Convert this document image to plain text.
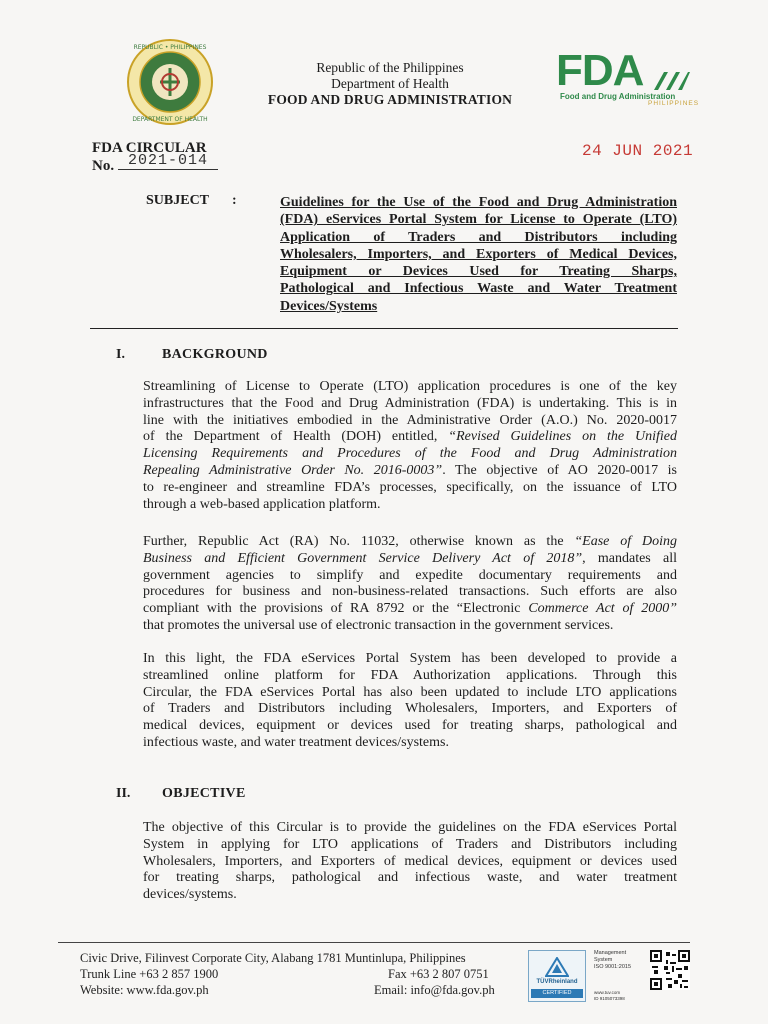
REPUBLIC • PHILIPPINES
DEPARTMENT OF HEALTH
Republic of the Philippines
Department of Health
FOOD AND DRUG ADMINISTRATION
FDA
Food and Drug Administration
PHILIPPINES
FDA CIRCULAR
No. 2021-014
24 JUN 2021
SUBJECT :	Guidelines for the Use of the Food and Drug Administration
(FDA) eServices Portal System for License to Operate (LTO)
Application of Traders and Distributors including
Wholesalers, Importers, and Exporters of Medical Devices,
Equipment or Devices Used for Treating Sharps,
Pathological and Infectious Waste and Water Treatment
Devices/Systems
I.	BACKGROUND
Streamlining of License to Operate (LTO) application procedures is one of the key
infrastructures that the Food and Drug Administration (FDA) is undertaking. This is in
line with the initiatives embodied in the Administrative Order (A.O.) No. 2020-0017
of the Department of Health (DOH) entitled, “Revised Guidelines on the Unified
Licensing Requirements and Procedures of the Food and Drug Administration
Repealing Administrative Order No. 2016-0003”. The objective of AO 2020-0017 is
to re-engineer and streamline FDA’s processes, specifically, on the issuance of LTO
through a web-based application platform.
Further, Republic Act (RA) No. 11032, otherwise known as the “Ease of Doing
Business and Efficient Government Service Delivery Act of 2018”, mandates all
government agencies to simplify and expedite documentary requirements and
procedures for business and non-business-related transactions. Such efforts are also
compliant with the provisions of RA 8792 or the “Electronic Commerce Act of 2000”
that promotes the universal use of electronic transaction in the government services.
In this light, the FDA eServices Portal System has been developed to provide a
streamlined online platform for FDA Authorization applications. Through this
Circular, the FDA eServices Portal has also been updated to include LTO applications
of Traders and Distributors including Wholesalers, Importers, and Exporters of
medical devices, equipment or devices used for treating sharps, pathological and
infectious waste, and water treatment devices/systems.
II. OBJECTIVE
The objective of this Circular is to provide the guidelines on the FDA eServices Portal
System in applying for LTO applications of Traders and Distributors including
Wholesalers, Importers, and Exporters of medical devices, equipment or devices used
for treating sharps, pathological and infectious waste, and water treatment
devices/systems.
Civic Drive, Filinvest Corporate City, Alabang 1781 Muntinlupa, Philippines
Trunk Line +63 2 857 1900	Fax +63 2 807 0751
Website: www.fda.gov.ph	Email: info@fda.gov.ph
TÜVRheinland
CERTIFIED
Management
System
ISO 9001:2015
www.tuv.com
ID 9105073398
